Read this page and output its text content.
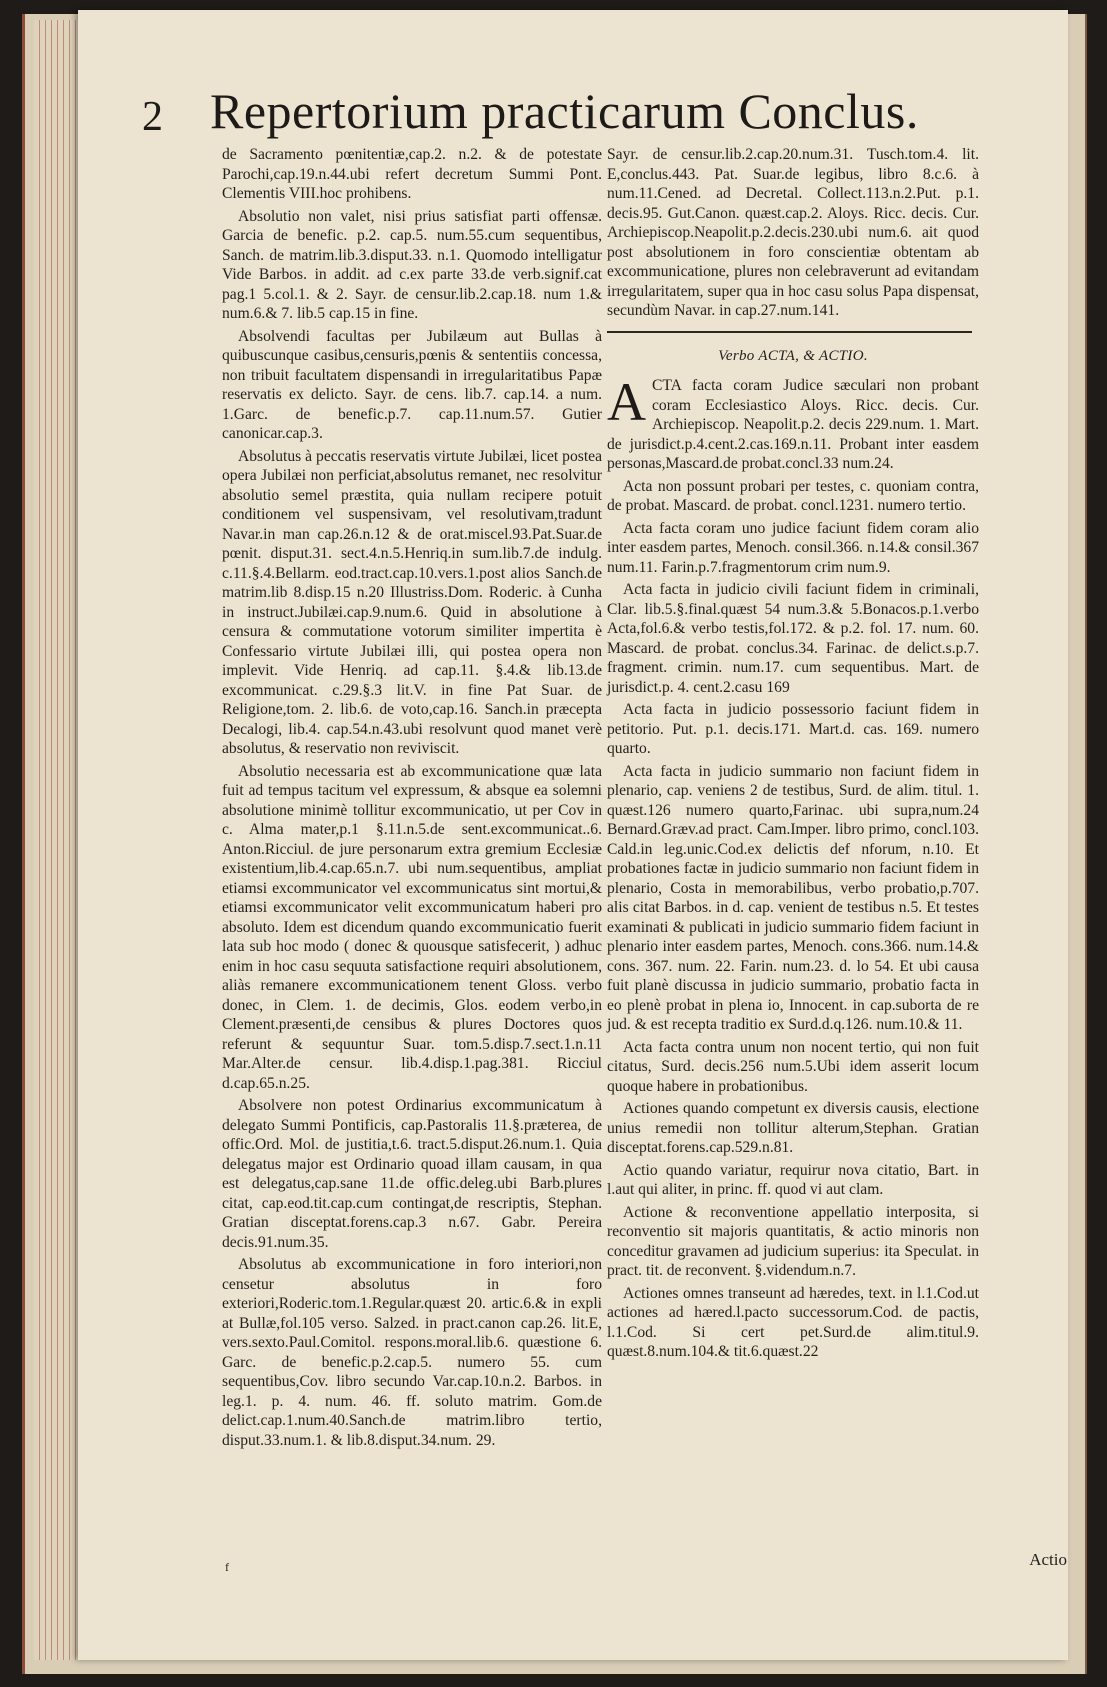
2 Repertorium practicarum Conclus.

de Sacramento pœnitentiæ,cap.2. n.2. & de potestate Parochi,cap.19.n.44.ubi refert decretum Summi Pont. Clementis VIII.hoc prohibens.

Absolutio non valet, nisi prius satisfiat parti offensæ. Garcia de benefic. p.2. cap.5. num.55.cum sequentibus, Sanch. de matrim.lib.3.disput.33. n.1. Quomodo intelligatur Vide Barbos. in addit. ad c.ex parte 33.de verb.signif.cat pag.1 5.col.1. & 2. Sayr. de censur.lib.2.cap.18. num 1.& num.6.& 7. lib.5 cap.15 in fine.

Absolvendi facultas per Jubilæum aut Bullas à quibuscunque casibus,censuris,pœnis & sententiis concessa, non tribuit facultatem dispensandi in irregularitatibus Papæ reservatis ex delicto. Sayr. de cens. lib.7. cap.14. a num. 1.Garc. de benefic.p.7. cap.11.num.57. Gutier canonicar.cap.3.

Absolutus à peccatis reservatis virtute Jubilæi, licet postea opera Jubilæi non perficiat,absolutus remanet, nec resolvitur absolutio semel præstita, quia nullam recipere potuit conditionem vel suspensivam, vel resolutivam,tradunt Navar.in man cap.26.n.12 & de orat.miscel.93.Pat.Suar.de pœnit. disput.31. sect.4.n.5.Henriq.in sum.lib.7.de indulg. c.11.§.4.Bellarm. eod.tract.cap.10.vers.1.post alios Sanch.de matrim.lib 8.disp.15 n.20 Illustriss.Dom. Roderic. à Cunha in instruct.Jubilæi.cap.9.num.6. Quid in absolutione à censura & commutatione votorum similiter impertita è Confessario virtute Jubilæi illi, qui postea opera non implevit. Vide Henriq. ad cap.11. §.4.& lib.13.de excommunicat. c.29.§.3 lit.V. in fine Pat Suar. de Religione,tom. 2. lib.6. de voto,cap.16. Sanch.in præcepta Decalogi, lib.4. cap.54.n.43.ubi resolvunt quod manet verè absolutus, & reservatio non reviviscit.

Absolutio necessaria est ab excommunicatione quæ lata fuit ad tempus tacitum vel expressum, & absque ea solemni absolutione minimè tollitur excommunicatio, ut per Cov in c. Alma mater,p.1 §.11.n.5.de sent.excommunicat..6. Anton.Ricciul. de jure personarum extra gremium Ecclesiæ existentium,lib.4.cap.65.n.7. ubi num.sequentibus, ampliat etiamsi excommunicator vel excommunicatus sint mortui,& etiamsi excommunicator velit excommunicatum haberi pro absoluto. Idem est dicendum quando excommunicatio fuerit lata sub hoc modo ( donec & quousque satisfecerit, ) adhuc enim in hoc casu sequuta satisfactione requiri absolutionem, aliàs remanere excommunicationem tenent Gloss. verbo donec, in Clem. 1. de decimis, Glos. eodem verbo,in Clement.præsenti,de censibus & plures Doctores quos referunt & sequuntur Suar. tom.5.disp.7.sect.1.n.11 Mar.Alter.de censur. lib.4.disp.1.pag.381. Ricciul d.cap.65.n.25.

Absolvere non potest Ordinarius excommunicatum à delegato Summi Pontificis, cap.Pastoralis 11.§.præterea, de offic.Ord. Mol. de justitia,t.6. tract.5.disput.26.num.1. Quia delegatus major est Ordinario quoad illam causam, in qua est delegatus,cap.sane 11.de offic.deleg.ubi Barb.plures citat, cap.eod.tit.cap.cum contingat,de rescriptis, Stephan. Gratian disceptat.forens.cap.3 n.67. Gabr. Pereira decis.91.num.35.

Absolutus ab excommunicatione in foro interiori,non censetur absolutus in foro exteriori,Roderic.tom.1.Regular.quæst 20. artic.6.& in expli at Bullæ,fol.105 verso. Salzed. in pract.canon cap.26. lit.E, vers.sexto.Paul.Comitol. respons.moral.lib.6. quæstione 6. Garc. de benefic.p.2.cap.5. numero 55. cum sequentibus,Cov. libro secundo Var.cap.10.n.2. Barbos. in leg.1. p. 4. num. 46. ff. soluto matrim. Gom.de delict.cap.1.num.40.Sanch.de matrim.libro tertio, disput.33.num.1. & lib.8.disput.34.num. 29.

Sayr. de censur.lib.2.cap.20.num.31. Tusch.tom.4. lit. E,conclus.443. Pat. Suar.de legibus, libro 8.c.6. à num.11.Cened. ad Decretal. Collect.113.n.2.Put. p.1. decis.95. Gut.Canon. quæst.cap.2. Aloys. Ricc. decis. Cur. Archiepiscop.Neapolit.p.2.decis.230.ubi num.6. ait quod post absolutionem in foro conscientiæ obtentam ab excommunicatione, plures non celebraverunt ad evitandam irregularitatem, super qua in hoc casu solus Papa dispensat, secundùm Navar. in cap.27.num.141.

Verbo ACTA, & ACTIO.

ACTA facta coram Judice sæculari non probant coram Ecclesiastico Aloys. Ricc. decis. Cur. Archiepiscop. Neapolit.p.2. decis 229.num. 1. Mart. de jurisdict.p.4.cent.2.cas.169.n.11. Probant inter easdem personas,Mascard.de probat.concl.33 num.24.

Acta non possunt probari per testes, c. quoniam contra, de probat. Mascard. de probat. concl.1231. numero tertio.

Acta facta coram uno judice faciunt fidem coram alio inter easdem partes, Menoch. consil.366. n.14.& consil.367 num.11. Farin.p.7.fragmentorum crim num.9.

Acta facta in judicio civili faciunt fidem in criminali, Clar. lib.5.§.final.quæst 54 num.3.& 5.Bonacos.p.1.verbo Acta,fol.6.& verbo testis,fol.172. & p.2. fol. 17. num. 60. Mascard. de probat. conclus.34. Farinac. de delict.s.p.7. fragment. crimin. num.17. cum sequentibus. Mart. de jurisdict.p. 4. cent.2.casu 169

Acta facta in judicio possessorio faciunt fidem in petitorio. Put. p.1. decis.171. Mart.d. cas. 169. numero quarto.

Acta facta in judicio summario non faciunt fidem in plenario, cap. veniens 2 de testibus, Surd. de alim. titul. 1. quæst.126 numero quarto,Farinac. ubi supra,num.24 Bernard.Græv.ad pract. Cam.Imper. libro primo, concl.103. Cald.in leg.unic.Cod.ex delictis def nforum, n.10. Et probationes factæ in judicio summario non faciunt fidem in plenario, Costa in memorabilibus, verbo probatio,p.707. alis citat Barbos. in d. cap. venient de testibus n.5. Et testes examinati & publicati in judicio summario fidem faciunt in plenario inter easdem partes, Menoch. cons.366. num.14.& cons. 367. num. 22. Farin. num.23. d. lo 54. Et ubi causa fuit planè discussa in judicio summario, probatio facta in eo plenè probat in plena io, Innocent. in cap.suborta de re jud. & est recepta traditio ex Surd.d.q.126. num.10.& 11.

Acta facta contra unum non nocent tertio, qui non fuit citatus, Surd. decis.256 num.5.Ubi idem asserit locum quoque habere in probationibus.

Actiones quando competunt ex diversis causis, electione unius remedii non tollitur alterum,Stephan. Gratian disceptat.forens.cap.529.n.81.

Actio quando variatur, requirur nova citatio, Bart. in l.aut qui aliter, in princ. ff. quod vi aut clam.

Actione & reconventione appellatio interposita, si reconventio sit majoris quantitatis, & actio minoris non conceditur gravamen ad judicium superius: ita Speculat. in pract. tit. de reconvent. §.videndum.n.7.

Actiones omnes transeunt ad hæredes, text. in l.1.Cod.ut actiones ad hæred.l.pacto successorum.Cod. de pactis, l.1.Cod. Si cert pet.Surd.de alim.titul.9. quæst.8.num.104.& tit.6.quæst.22

f	Actio
